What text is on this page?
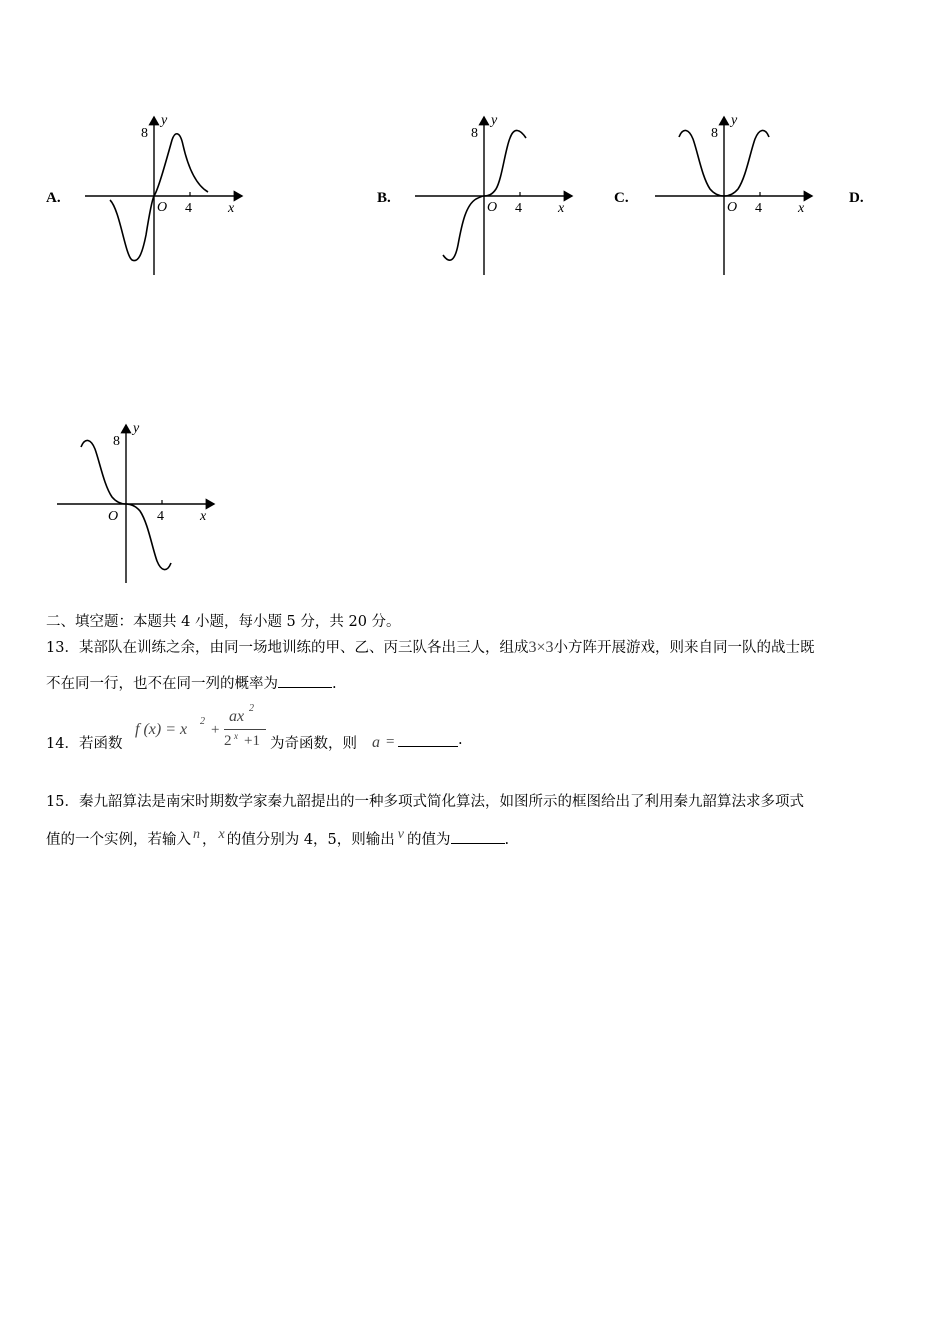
A.	B.	C.	D.
y
8
O 4	x
y
8
O 4	x
y
8
O 4	x
y
8
O	4	x
二、填空题：本题共 4 小题，每小题 5 分，共 20 分。
13．某部队在训练之余，由同一场地训练的甲、乙、丙三队各出三人，组成3×3小方阵开展游戏，则来自同一队的战士既
不在同一行，也不在同一列的概率为	.
14．若函数
f (x) = x 2
+
ax 2
2 x +1 为奇函数，则 a =	.
15．秦九韶算法是南宋时期数学家秦九韶提出的一种多项式简化算法，如图所示的框图给出了利用秦九韶算法求多项式
值的一个实例，若输入 n ， x 的值分别为 4，5，则输出 v 的值为	.
